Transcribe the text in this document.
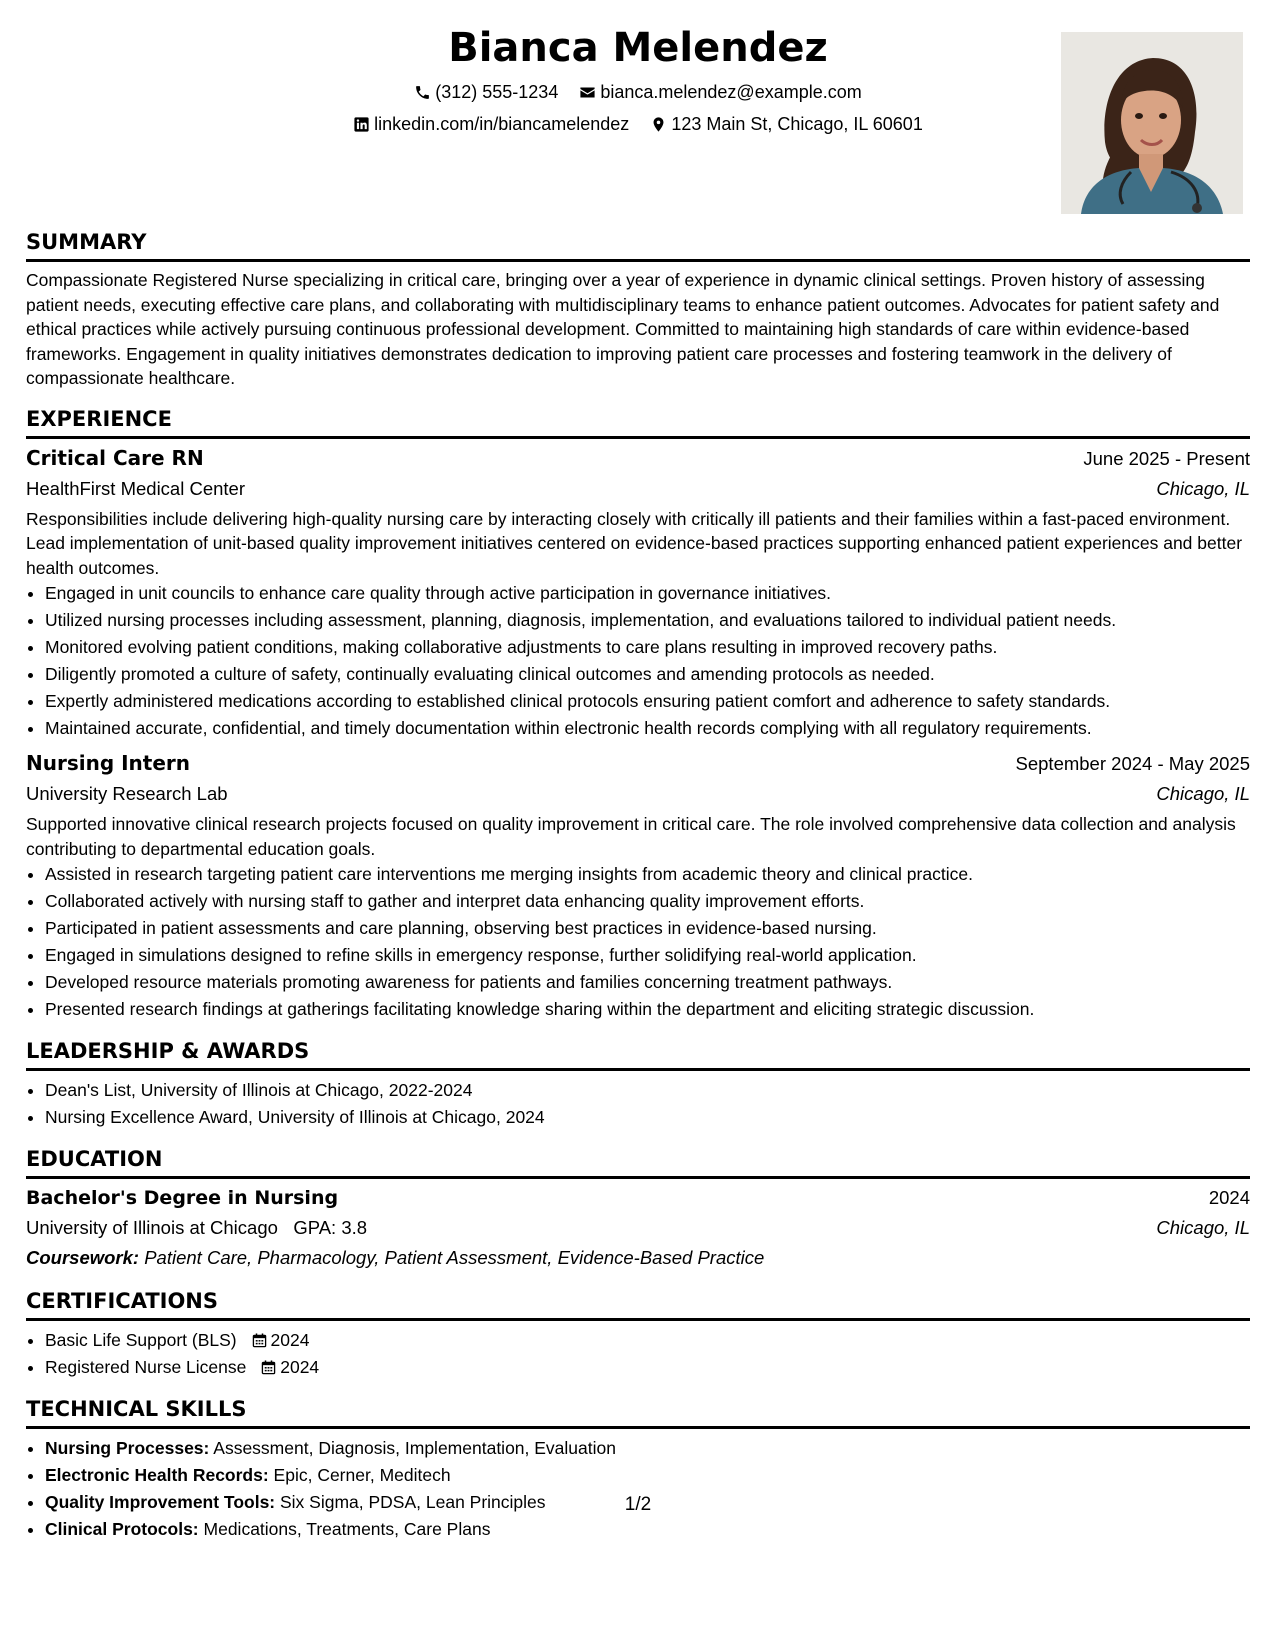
Bianca Melendez
(312) 555-1234
bianca.melendez@example.com
linkedin.com/in/biancamelendez
123 Main St, Chicago, IL 60601
SUMMARY

Compassionate Registered Nurse specializing in critical care, bringing over a year of experience in dynamic clinical settings. Proven history of assessing patient needs, executing effective care plans, and collaborating with multidisciplinary teams to enhance patient outcomes. Advocates for patient safety and ethical practices while actively pursuing continuous professional development. Committed to maintaining high standards of care within evidence-based frameworks. Engagement in quality initiatives demonstrates dedication to improving patient care processes and fostering teamwork in the delivery of compassionate healthcare.

EXPERIENCE
Critical Care RN	June 2025 - Present
HealthFirst Medical Center	Chicago, IL

Responsibilities include delivering high-quality nursing care by interacting closely with critically ill patients and their families within a fast-paced environment. Lead implementation of unit-based quality improvement initiatives centered on evidence-based practices supporting enhanced patient experiences and better health outcomes.

• Engaged in unit councils to enhance care quality through active participation in governance initiatives.
• Utilized nursing processes including assessment, planning, diagnosis, implementation, and evaluations tailored to individual patient needs.
• Monitored evolving patient conditions, making collaborative adjustments to care plans resulting in improved recovery paths.
• Diligently promoted a culture of safety, continually evaluating clinical outcomes and amending protocols as needed.
• Expertly administered medications according to established clinical protocols ensuring patient comfort and adherence to safety standards.
• Maintained accurate, confidential, and timely documentation within electronic health records complying with all regulatory requirements.
Nursing Intern	September 2024 - May 2025
University Research Lab	Chicago, IL

Supported innovative clinical research projects focused on quality improvement in critical care. The role involved comprehensive data collection and analysis contributing to departmental education goals.

• Assisted in research targeting patient care interventions me merging insights from academic theory and clinical practice.
• Collaborated actively with nursing staff to gather and interpret data enhancing quality improvement efforts.
• Participated in patient assessments and care planning, observing best practices in evidence-based nursing.
• Engaged in simulations designed to refine skills in emergency response, further solidifying real-world application.
• Developed resource materials promoting awareness for patients and families concerning treatment pathways.
• Presented research findings at gatherings facilitating knowledge sharing within the department and eliciting strategic discussion.
LEADERSHIP & AWARDS
• Dean's List, University of Illinois at Chicago, 2022-2024
• Nursing Excellence Award, University of Illinois at Chicago, 2024
EDUCATION
Bachelor's Degree in Nursing	2024
University of Illinois at Chicago GPA: 3.8	Chicago, IL
Coursework: Patient Care, Pharmacology, Patient Assessment, Evidence-Based Practice
CERTIFICATIONS
• Basic Life Support (BLS) 2024
• Registered Nurse License 2024
TECHNICAL SKILLS
• Nursing Processes: Assessment, Diagnosis, Implementation, Evaluation
• Electronic Health Records: Epic, Cerner, Meditech
• Quality Improvement Tools: Six Sigma, PDSA, Lean Principles
• Clinical Protocols: Medications, Treatments, Care Plans
1/2
